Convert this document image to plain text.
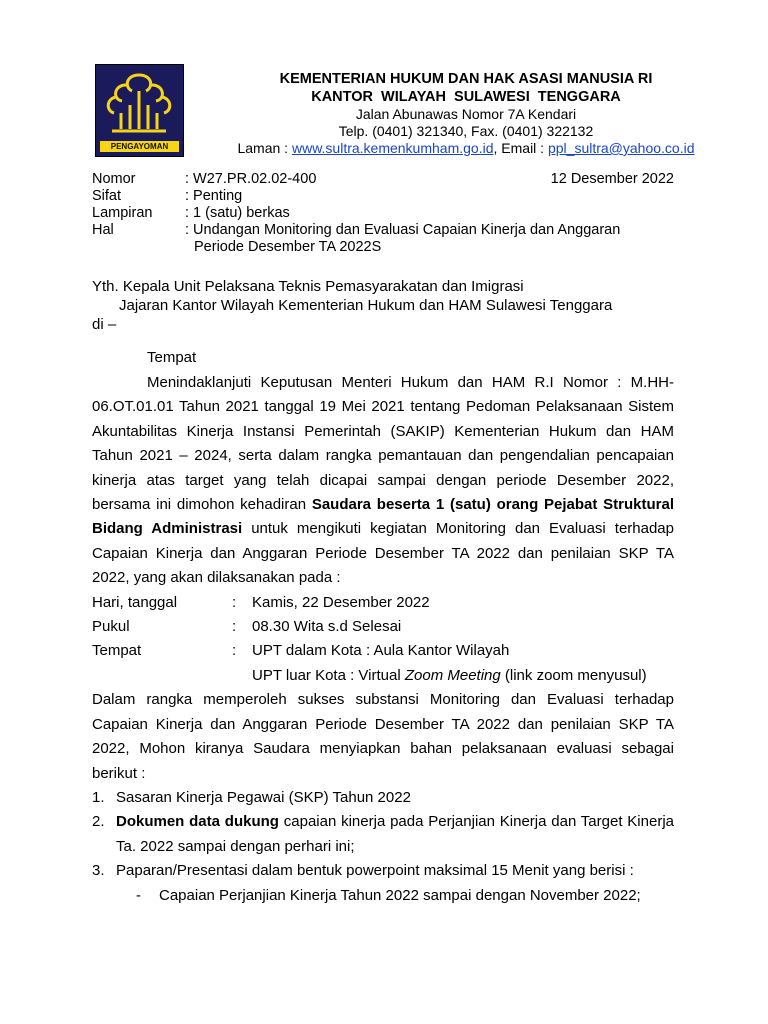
PENGAYOMAN
KEMENTERIAN HUKUM DAN HAK ASASI MANUSIA RI
KANTOR WILAYAH SULAWESI TENGGARA
Jalan Abunawas Nomor 7A Kendari
Telp. (0401) 321340, Fax. (0401) 322132
Laman : www.sultra.kemenkumham.go.id, Email : ppl_sultra@yahoo.co.id
12 Desember 2022
Nomor	: W27.PR.02.02-400
Sifat	: Penting
Lampiran	: 1 (satu) berkas
Hal	: Undangan Monitoring dan Evaluasi Capaian Kinerja dan Anggaran
Periode Desember TA 2022S
Yth. Kepala Unit Pelaksana Teknis Pemasyarakatan dan Imigrasi
Jajaran Kantor Wilayah Kementerian Hukum dan HAM Sulawesi Tenggara
di –
Tempat

Menindaklanjuti Keputusan Menteri Hukum dan HAM R.I Nomor : M.HH-06.OT.01.01 Tahun 2021 tanggal 19 Mei 2021 tentang Pedoman Pelaksanaan Sistem Akuntabilitas Kinerja Instansi Pemerintah (SAKIP) Kementerian Hukum dan HAM Tahun 2021 – 2024, serta dalam rangka pemantauan dan pengendalian pencapaian kinerja atas target yang telah dicapai sampai dengan periode Desember 2022, bersama ini dimohon kehadiran Saudara beserta 1 (satu) orang Pejabat Struktural Bidang Administrasi untuk mengikuti kegiatan Monitoring dan Evaluasi terhadap Capaian Kinerja dan Anggaran Periode Desember TA 2022 dan penilaian SKP TA 2022, yang akan dilaksanakan pada :

Hari, tanggal	:	Kamis, 22 Desember 2022
Pukul	:	08.30 Wita s.d Selesai
Tempat	:	UPT dalam Kota : Aula Kantor Wilayah
UPT luar Kota : Virtual Zoom Meeting (link zoom menyusul)

Dalam rangka memperoleh sukses substansi Monitoring dan Evaluasi terhadap Capaian Kinerja dan Anggaran Periode Desember TA 2022 dan penilaian SKP TA 2022, Mohon kiranya Saudara menyiapkan bahan pelaksanaan evaluasi sebagai berikut :

1. Sasaran Kinerja Pegawai (SKP) Tahun 2022
2. Dokumen data dukung capaian kinerja pada Perjanjian Kinerja dan Target Kinerja Ta. 2022 sampai dengan perhari ini;
3. Paparan/Presentasi dalam bentuk powerpoint maksimal 15 Menit yang berisi :
-	Capaian Perjanjian Kinerja Tahun 2022 sampai dengan November 2022;
